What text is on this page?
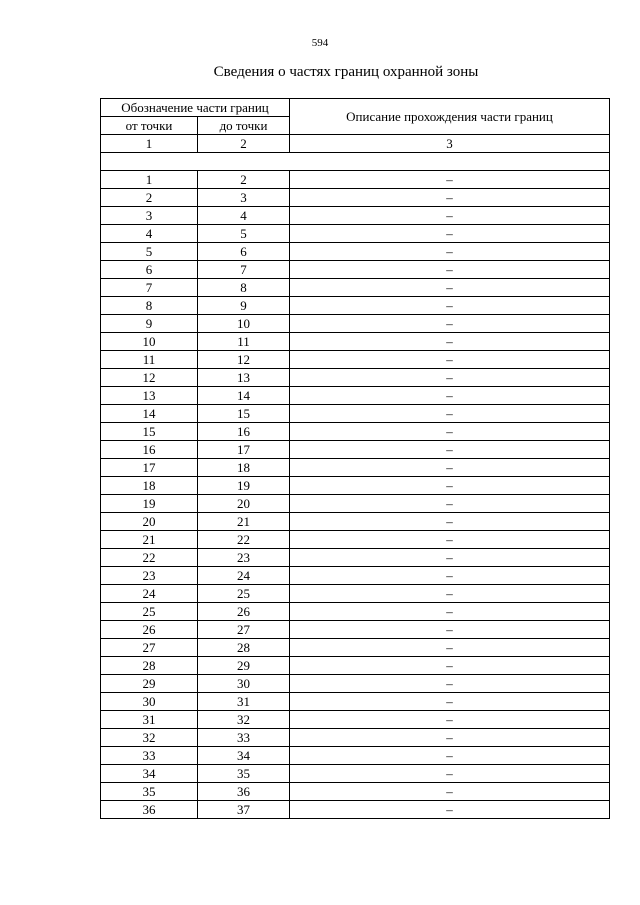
594
Сведения о частях границ охранной зоны
Обозначение части границ		Описание прохождения части границ
от точки	до точки	
1	2	3

1	2	–
2	3	–
3	4	–
4	5	–
5	6	–
6	7	–
7	8	–
8	9	–
9	10	–
10	11	–
11	12	–
12	13	–
13	14	–
14	15	–
15	16	–
16	17	–
17	18	–
18	19	–
19	20	–
20	21	–
21	22	–
22	23	–
23	24	–
24	25	–
25	26	–
26	27	–
27	28	–
28	29	–
29	30	–
30	31	–
31	32	–
32	33	–
33	34	–
34	35	–
35	36	–
36	37	–
